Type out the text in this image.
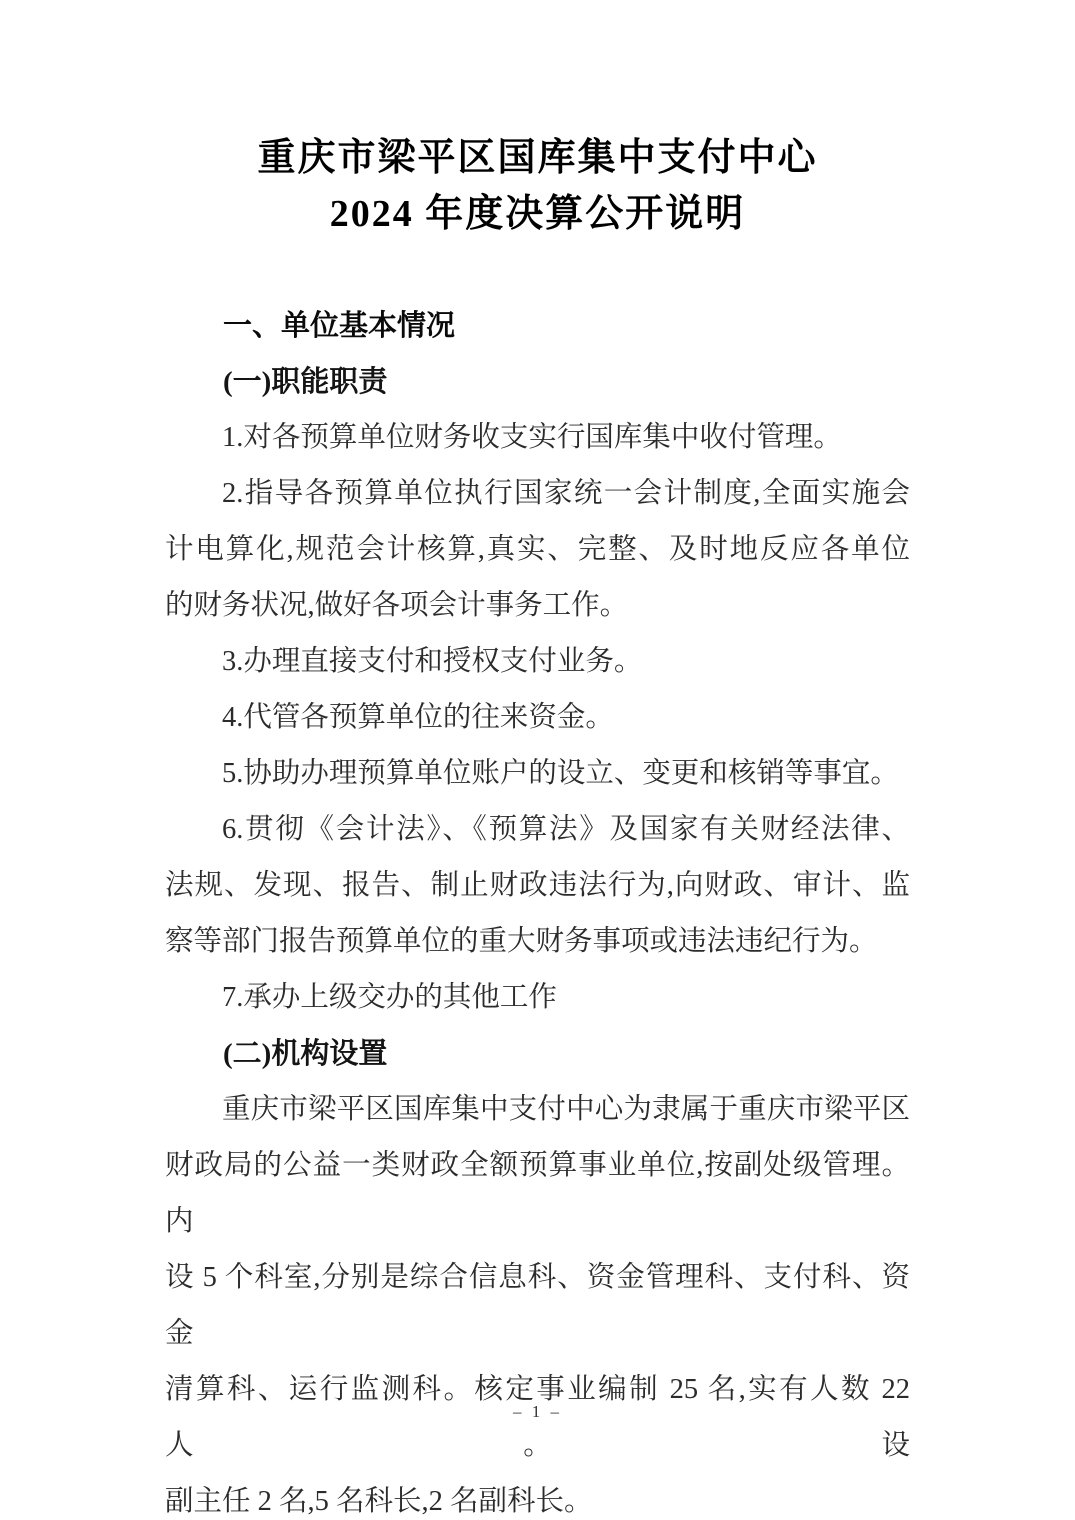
重庆市梁平区国库集中支付中心
2024 年度决算公开说明
一、单位基本情况
(一)职能职责
1.对各预算单位财务收支实行国库集中收付管理。
2.指导各预算单位执行国家统一会计制度,全面实施会
计电算化,规范会计核算,真实、完整、及时地反应各单位
的财务状况,做好各项会计事务工作。
3.办理直接支付和授权支付业务。
4.代管各预算单位的往来资金。
5.协助办理预算单位账户的设立、变更和核销等事宜。
6.贯彻《会计法》、《预算法》及国家有关财经法律、
法规、发现、报告、制止财政违法行为,向财政、审计、监
察等部门报告预算单位的重大财务事项或违法违纪行为。
7.承办上级交办的其他工作
(二)机构设置
重庆市梁平区国库集中支付中心为隶属于重庆市梁平区
财政局的公益一类财政全额预算事业单位,按副处级管理。内
设 5 个科室,分别是综合信息科、资金管理科、支付科、资金
清算科、运行监测科。核定事业编制 25 名,实有人数 22 人。设
副主任 2 名,5 名科长,2 名副科长。
– 1 –
